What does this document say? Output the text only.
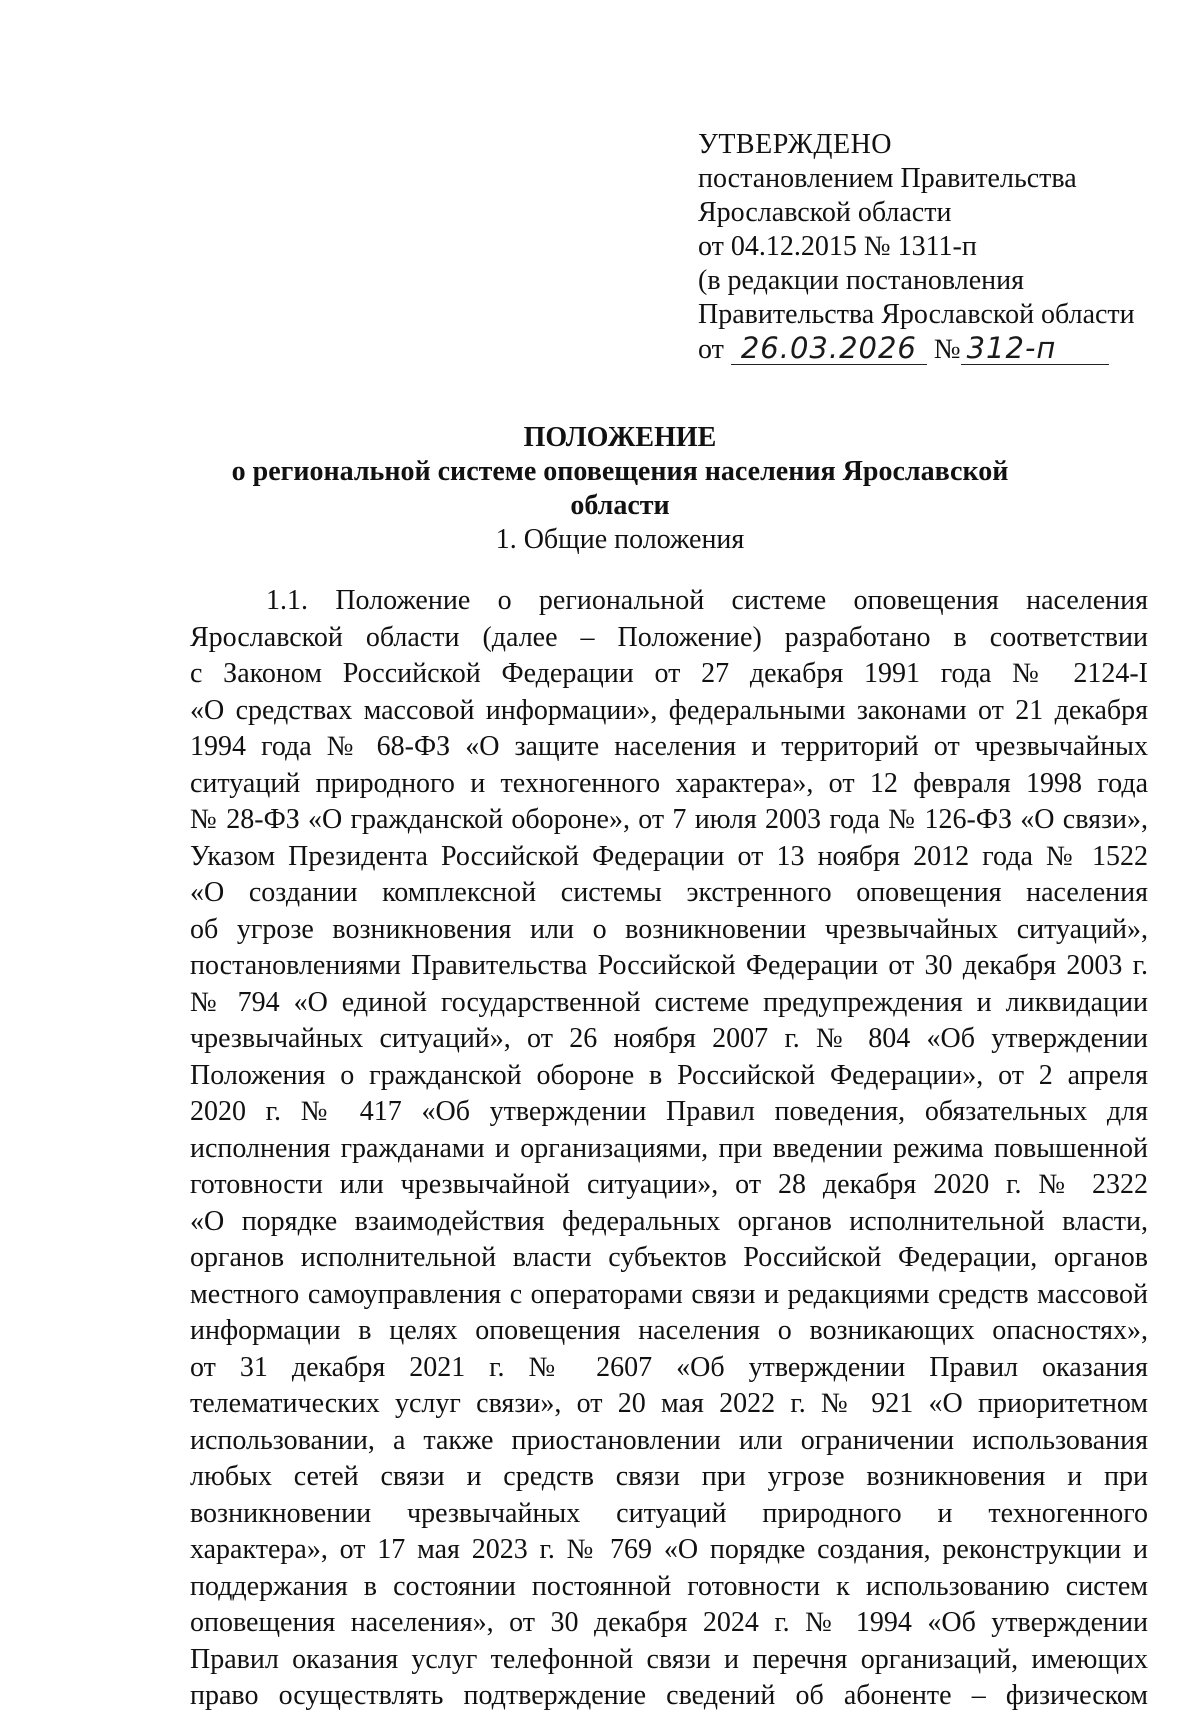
УТВЕРЖДЕНО
постановлением Правительства
Ярославской области
от 04.12.2015 № 1311-п
(в редакции постановления
Правительства Ярославской области
от 26.03.2026 № 312-п
ПОЛОЖЕНИЕ
о региональной системе оповещения населения Ярославской области
1. Общие положения
1.1. Положение о региональной системе оповещения населения
Ярославской области (далее – Положение) разработано в соответствии
с Законом Российской Федерации от 27 декабря 1991 года № 2124-I
«О средствах массовой информации», федеральными законами от 21 декабря
1994 года № 68-ФЗ «О защите населения и территорий от чрезвычайных
ситуаций природного и техногенного характера», от 12 февраля 1998 года
№ 28-ФЗ «О гражданской обороне», от 7 июля 2003 года № 126-ФЗ «О связи»,
Указом Президента Российской Федерации от 13 ноября 2012 года № 1522
«О создании комплексной системы экстренного оповещения населения
об угрозе возникновения или о возникновении чрезвычайных ситуаций»,
постановлениями Правительства Российской Федерации от 30 декабря 2003 г.
№ 794 «О единой государственной системе предупреждения и ликвидации
чрезвычайных ситуаций», от 26 ноября 2007 г. № 804 «Об утверждении
Положения о гражданской обороне в Российской Федерации», от 2 апреля
2020 г. № 417 «Об утверждении Правил поведения, обязательных для
исполнения гражданами и организациями, при введении режима повышенной
готовности или чрезвычайной ситуации», от 28 декабря 2020 г. № 2322
«О порядке взаимодействия федеральных органов исполнительной власти,
органов исполнительной власти субъектов Российской Федерации, органов
местного самоуправления с операторами связи и редакциями средств массовой
информации в целях оповещения населения о возникающих опасностях»,
от 31 декабря 2021 г. № 2607 «Об утверждении Правил оказания
телематических услуг связи», от 20 мая 2022 г. № 921 «О приоритетном
использовании, а также приостановлении или ограничении использования
любых сетей связи и средств связи при угрозе возникновения и при
возникновении чрезвычайных ситуаций природного и техногенного
характера», от 17 мая 2023 г. № 769 «О порядке создания, реконструкции и
поддержания в состоянии постоянной готовности к использованию систем
оповещения населения», от 30 декабря 2024 г. № 1994 «Об утверждении
Правил оказания услуг телефонной связи и перечня организаций, имеющих
право осуществлять подтверждение сведений об абоненте – физическом
